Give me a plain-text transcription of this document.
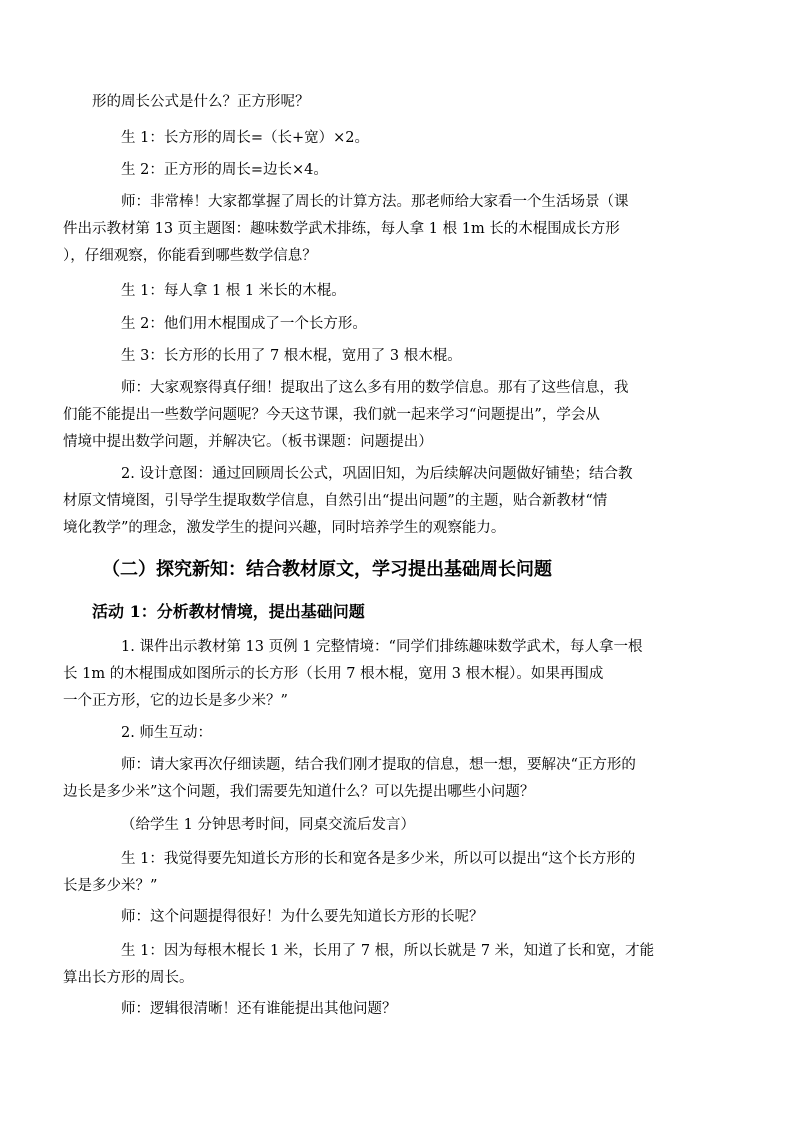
形的周长公式是什么？正方形呢？

生 1：长方形的周长=（长+宽）×2。

生 2：正方形的周长=边长×4。

师：非常棒！大家都掌握了周长的计算方法。那老师给大家看一个生活场景（课
件出示教材第 13 页主题图：趣味数学武术排练，每人拿 1 根 1m 长的木棍围成长方形
），仔细观察，你能看到哪些数学信息？

生 1：每人拿 1 根 1 米长的木棍。

生 2：他们用木棍围成了一个长方形。

生 3：长方形的长用了 7 根木棍，宽用了 3 根木棍。

师：大家观察得真仔细！提取出了这么多有用的数学信息。那有了这些信息，我
们能不能提出一些数学问题呢？今天这节课，我们就一起来学习“问题提出”，学会从
情境中提出数学问题，并解决它。（板书课题：问题提出）

2. 设计意图：通过回顾周长公式，巩固旧知，为后续解决问题做好铺垫；结合教
材原文情境图，引导学生提取数学信息，自然引出“提出问题”的主题，贴合新教材“情
境化教学”的理念，激发学生的提问兴趣，同时培养学生的观察能力。

（二）探究新知：结合教材原文，学习提出基础周长问题
活动 1：分析教材情境，提出基础问题

1. 课件出示教材第 13 页例 1 完整情境：“同学们排练趣味数学武术，每人拿一根
长 1m 的木棍围成如图所示的长方形（长用 7 根木棍，宽用 3 根木棍）。如果再围成
一个正方形，它的边长是多少米？”

2. 师生互动：

师：请大家再次仔细读题，结合我们刚才提取的信息，想一想，要解决“正方形的
边长是多少米”这个问题，我们需要先知道什么？可以先提出哪些小问题？

（给学生 1 分钟思考时间，同桌交流后发言）

生 1：我觉得要先知道长方形的长和宽各是多少米，所以可以提出“这个长方形的
长是多少米？”

师：这个问题提得很好！为什么要先知道长方形的长呢？

生 1：因为每根木棍长 1 米，长用了 7 根，所以长就是 7 米，知道了长和宽，才能
算出长方形的周长。

师：逻辑很清晰！还有谁能提出其他问题？
